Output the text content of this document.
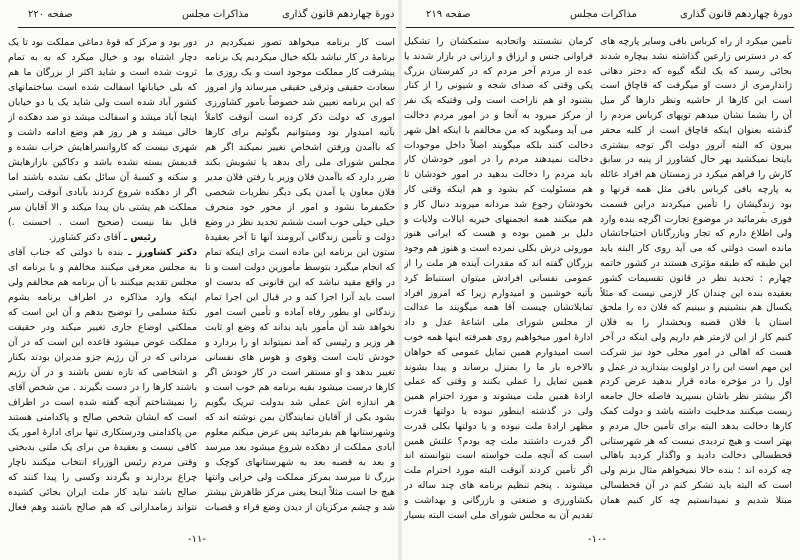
صفحه ۲۲۰	مذاکرات مجلس	دورهٔ چهاردهم قانون گذاری
دور بود و مرکز که قوهٔ دماغی مملکت بود تا یک
دچار اشتباه بود و خیال میکرد که به به تمام
ثروت شده است و شاید اکثر از بزرگان ما هم
که بلی خیابانها اسفالت شده است ساختمانهای
کشور آباد شده است ولی شاید یک یا دو خیابان
اینجا آباد میشد و اسفالت میشد دو صد دهکده از
خالی میشد و هر روز هم وضع ادامه داشت و
شهری نیست که کاروانسراهایش خراب نشده و
قدیمش بسته نشده باشد و دکاکین بازارهایش
و سکنه و کسبهٔ آن سائل بکف نشده باشند اما
اگر از دهکده شروع کردند بآبادی آنوقت راستی
مملکت هم پشتی بان پیدا میکند و الا آقایان سر
قابل بقا نیست (صحیح است . احسنت .)
رئیس ـ آقای دکتر کشاورز.
دکتر کشاورز ـ بنده با دولتی که جناب آقای
به مجلس معرفی میکنند مخالفم و با برنامه ای
مجلس تقدیم میکنند با آن برنامه هم مخالفم ولی
اینکه وارد مذاکره در اطراف برنامه بشوم
نکتهٔ مسلمی را توضیح بدهم و آن این است که
مملکتی اوضاع جاری تغییر میکند ودر حقیقت
مملکت عوض میشود قاعده این است که در آن
مردانی که در آن رژیم جزو مدیران بودند بکنار
و اشخاصی که تازه نفس باشند و در آن رژیم
باشند کارها را در دست بگیرند . من شخص آقای
را نمیشناختم آنچه گفته شده است در اطراف
است که ایشان شخص صالح و پاکدامنی هستند
من پاکدامنی ودرستکاری تنها برای ادارهٔ امور یک
کافی نیست و بعقیدهٔ من برای یک ملتی بدبختی
وقتی مردم رئیس الوزراء انتخاب میکنند ناچار
چراغ بردارند و بگردند وکسی را پیدا کنند که
صالح باشد نباید کار ملت ایران بجائی کشیده
نتواند زمامدارانی که هم صالح باشند وهم فعال
است کار برنامه میخواهد تصور نمیکردیم در
برنامهٔ در کار نباشد بلکه خیال میکردیم یک برنامه
پیشرفت کار مملکت موجود است و یک روزی ما
سعادت حقیقی وترقی حقیقی میرساند واز امروز
که این برنامه تعیین شد خصوصاً بامور کشاورزی
اموری که دولت ذکر کرده است آنوقت کاملاً
بآتیه امیدوار بود ومیتوانیم بگوئیم برای کارها
که باآمدن ورفتن اشخاص تغییر نمیکند اگر هم
مجلس شورای ملی رأی بدهد یا تشویش بکند
ضرر دارد که باآمدن فلان وزیر یا رفتن فلان مدیر
فلان معاون یا آمدن یکی دیگر نظریات شخصی
حکمفرما نشود و امور از محور خود منحرف
خیلی خیلی خوب است ششم تجدید نظر در وضع
دولت و تأمین زندگانی آبرومند آنها تا آخر بعقیدهٔ
ستون این برنامه این ماده است برای اینکه تمام
که انجام میگیرد بتوسط مأمورین دولت است و تا
در واقع مقید نباشد که این قانونی که بدست او
است باید آنرا اجرا کند و در قبال این اجرا تمام
زندگانی او بطور رفاه آماده و تأمین است امور
نخواهد شد آن مأمور باید بداند که وضع او ثابت
هر وزیر و رئیسی که آمد نمیتواند او را بردارد و
خودش ثابت است وهوی و هوس های نفسانی
تغییر بدهد و او مستقر است در کار خودش اگر
کارها درست میشود بقیه برنامه هم خوب است و
هر اندازه اش عملی شد بدولت تبریک بگویم
بشود یکی از آقایان نمایندگان بمن نوشته اند که
وشهرستانها هم بفرمائید پس عرض میکنم معلوم
آبادی مملکت از دهکده شروع میشود بعد میرسد
و بعد به قصبه بعد به شهرستانهای کوچک و
بزرگ تا میرسد بمرکز مملکت ولی خرابی وانتها
هیچ جا است مثلاً اینجا یعنی مرکز ظاهرش بیشتر
شد و چشم مرکزیان از دیدن وضع قراء و قصبات
-۱۱-
صفحه ۲۱۹	مذاکرات مجلس	دورهٔ چهاردهم قانون گذاری
کرمان نشستند واتحادیه ستمکشان را تشکیل
فراوانی جنس و ارزاق و ارزانی در بازار شدند یا
عده از مردم آخر مردم که در کفرستان بزرگ
یکی وقتی که صدای شجه و شیونی را از کنار
بشنود او هم ناراحت است ولی وقتیکه یک نفر
از مرکز میرود به آنجا و در امور مردم دخالت
می آید ومیگوید که من مخالفم با اینکه اهل شهر
دخالت کنند بلکه میگویند اصلاً داخل موجودات
دخالت نمیدهند مردم را در امور خودشان کار
باید مردم را دخالت بدهید در امور خودشان تا
هم مسئولیت کم بشود و هم اینکه وقتی کار
بخودشان رجوع شد مردانه میروند دنبال کار و
هم میکنند همه انجمنهای خیریه ایالات ولایات و
دلیل بر همین بوده و هست که ایرانی هنوز
موروثی درش بکلی نمرده است و هنوز هم وجود
بزرگان گفته اند که مقدرات آینده هر ملت را از
عمومی نفسانی افرادش میتوان استنباط کرد
بآتیه خوشبین و امیدوارم زیرا که امروز افراد
تمایلاتشان چیست آقا همه میگویند ما عدالت
از مجلس شورای ملی اشاعهٔ عدل و داد
ادارهٔ امور میخواهیم روی همرفته اینها همه خوب
است امیدوارم همین تمایل عمومی که خواهان
بالاخره بار ما را بمنزل برساند و پیدا بشوند
همین تمایل را عملی بکنند و وقتی که عملی
ارادهٔ همین ملت میشوند و مورد احترام همین
ولی در گذشته اینطور نبوده یا دولتها قدرت
مظهر ارادهٔ ملت نبوده و یا دولتها بکلی قدرت
اگر قدرت داشتند ملت چه بودم؟ علتش همین
است که آنچه ملت خواسته است نتوانسته اند
اگر تأمین کردند آنوقت البته مورد احترام ملت
میشوند . پنجم تنظیم برنامه های چند ساله در
بکشاورزی و صنعتی و بازرگانی و بهداشت و
تقدیم آن به مجلس شورای ملی است البته بسیار
تأمین میکرد از راه کرباس بافی وسایر پارچه های
که در دسترس زارعین گذاشته نشد بیچاره شدند
بجائی رسید که یک لنگه گیوه که دختر دهاتی
ژاندارمری از دست او میگرفت که قاچاق است
است این کارها از حاشیه ونظر دارها گر میل
آن را بشما نشان میدهم توپهای کرباس مردم را
گذشته بعنوان اینکه قاچاق است از کلبه محقر
بیرون که البته آنروز دولت اگر توجه بیشتری
باینجا نمیکشید بهر حال کشاورز از پنبه در سابق
کارش را فراهم میکرد در زمستان هم افراد عائله
به پارچه بافی کرباس بافی مثل همه قرنها و
بود زندگیشان را تأمین میکردند دراین قسمت
فوری بفرمائید در موضوع تجارت اگرچه بنده وارد
ولی اطلاع دارم که تجار وبازرگانان احتیاجاتشان
مانده است دولتی که می آید روی کار البته باید
این طبقه که طبقه مؤثری هستند در کشور خاتمه
چهارم : تجدید نظر در قانون تقسیمات کشور
بعقیده بنده این چندان کار لازمی نیست که مثلاً
یکسال هم بنشینیم و ببینیم که فلان ده را ملحق
استان یا فلان قصبه وبخشدار را به فلان
کنیم کار از این لازمتر هم داریم ولی اینکه در آخر
هست که اهالی در امور محلی خود نیز شرکت
این مهم است این را در اولویت بیندازید در عمل و
اول را در مؤخره ماده قرار بدهید عرض کردم
اگر بیشتر نظر باشان بسپرید فاصله حال جامعه
زیست میکنند مدخلیت داشته باشد و دولت کمک
کارها دخالت بدهد البته برای تأمین حال مردم و
بهتر است و هیچ تردیدی نیست که هر شهرستانی
قحطسالی دخالت دادید و واگذار کردید باهالی
چه کرده اند ؛ بنده حالا نمیخواهم مثال بزنم ولی
است که البته باید تشکر کنم در آن قحطسالی
مبتلا شدیم و نمیدانستیم چه کار کنیم همان
-۱۰-
